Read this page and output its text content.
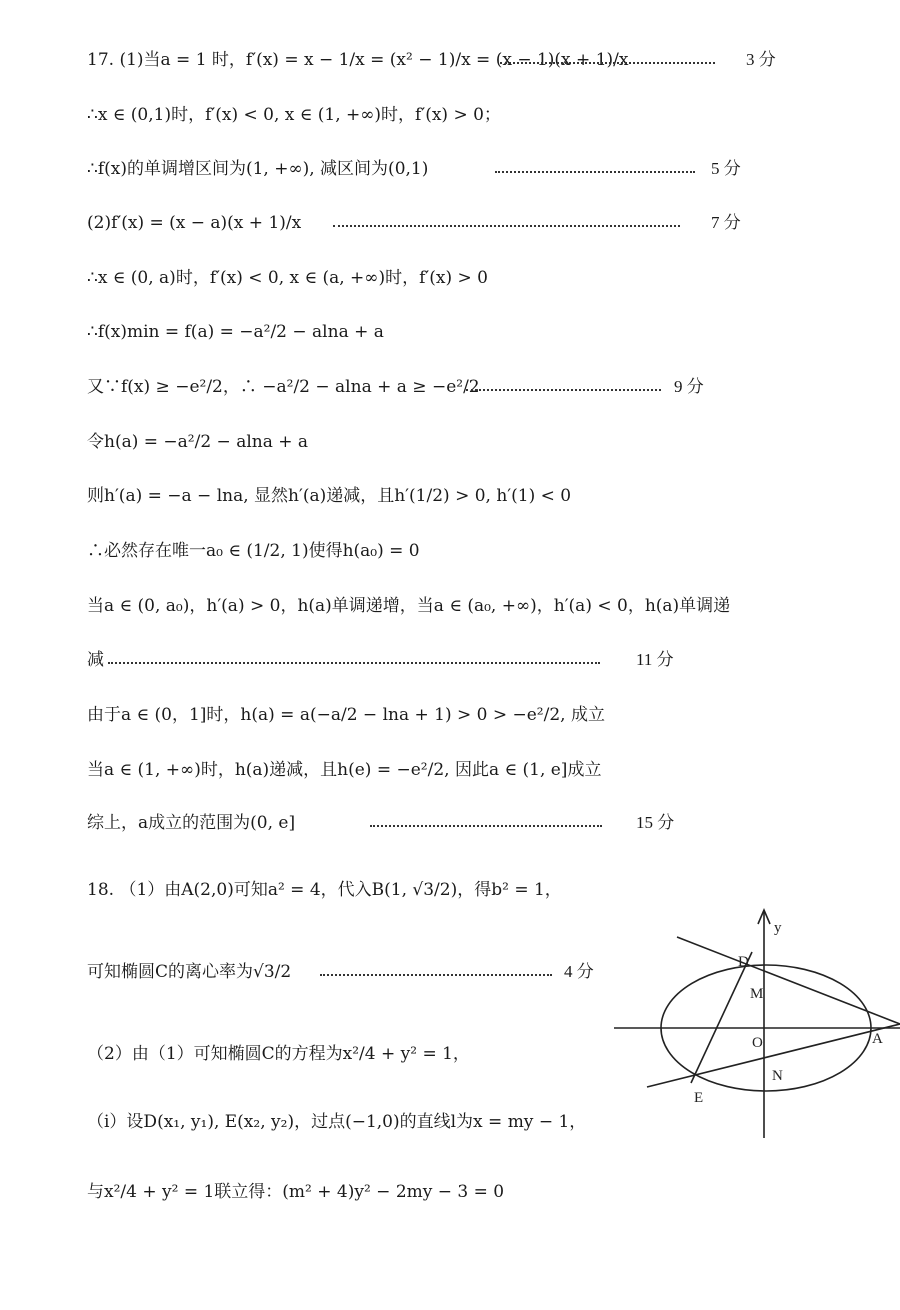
17. (1)当a = 1 时，f′(x) = x − 1/x = (x² − 1)/x = (x − 1)(x + 1)/x	3 分
∴x ∈ (0,1)时，f′(x) < 0, x ∈ (1, +∞)时，f′(x) > 0；
∴f(x)的单调增区间为(1, +∞), 减区间为(0,1)	5 分
(2)f′(x) = (x − a)(x + 1)/x	7 分
∴x ∈ (0, a)时，f′(x) < 0, x ∈ (a, +∞)时，f′(x) > 0
∴f(x)min = f(a) = −a²/2 − alna + a
又∵f(x) ≥ −e²/2，∴ −a²/2 − alna + a ≥ −e²/2	9 分
令h(a) = −a²/2 − alna + a
则h′(a) = −a − lna, 显然h′(a)递减，且h′(1/2) > 0, h′(1) < 0
∴必然存在唯一a₀ ∈ (1/2, 1)使得h(a₀) = 0
当a ∈ (0, a₀)，h′(a) > 0，h(a)单调递增，当a ∈ (a₀, +∞)，h′(a) < 0，h(a)单调递
减	11 分
由于a ∈ (0，1]时，h(a) = a(−a/2 − lna + 1) > 0 > −e²/2, 成立
当a ∈ (1, +∞)时，h(a)递减，且h(e) = −e²/2, 因此a ∈ (1, e]成立
综上，a成立的范围为(0, e]	15 分
18. （1）由A(2,0)可知a² = 4，代入B(1, √3/2)，得b² = 1，
可知椭圆C的离心率为√3/2	4 分
（2）由（1）可知椭圆C的方程为x²/4 + y² = 1，
（i）设D(x₁, y₁), E(x₂, y₂)，过点(−1,0)的直线l为x = my − 1，
与x²/4 + y² = 1联立得：(m² + 4)y² − 2my − 3 = 0
y
D
M
O	A
N
E
